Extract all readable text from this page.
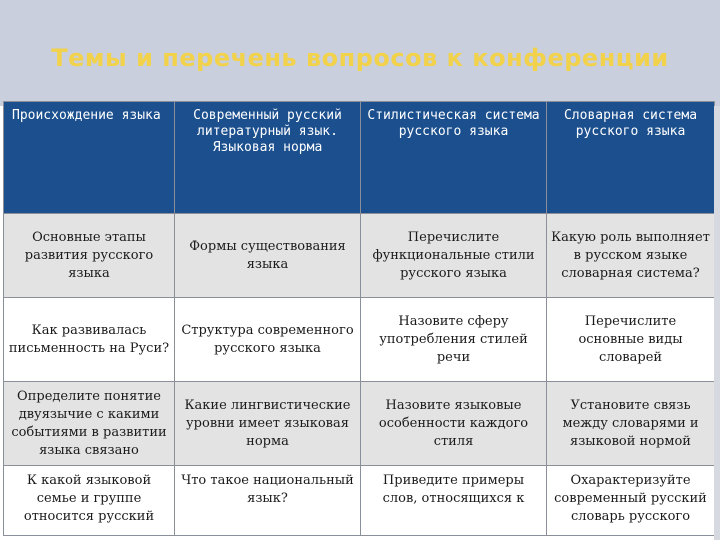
Темы и перечень вопросов к конференции
Происхождение языка	Современный русский литературный язык. Языковая норма	Стилистическая система русского языка	Словарная система русского языка
Основные этапы развития русского языка	Формы существования языка	Перечислите функциональные стили русского языка	Какую роль выполняет в русском языке словарная система?
Как развивалась письменность на Руси?	Структура современного русского языка	Назовите сферу употребления стилей речи	Перечислите основные виды словарей
Определите понятие двуязычие с какими событиями в развитии языка связано	Какие лингвистические уровни имеет языковая норма	Назовите языковые особенности каждого стиля	Установите связь между словарями и языковой нормой
К какой языковой семье и группе относится русский	Что такое национальный язык?	Приведите примеры слов, относящихся к	Охарактеризуйте современный русский словарь русского
